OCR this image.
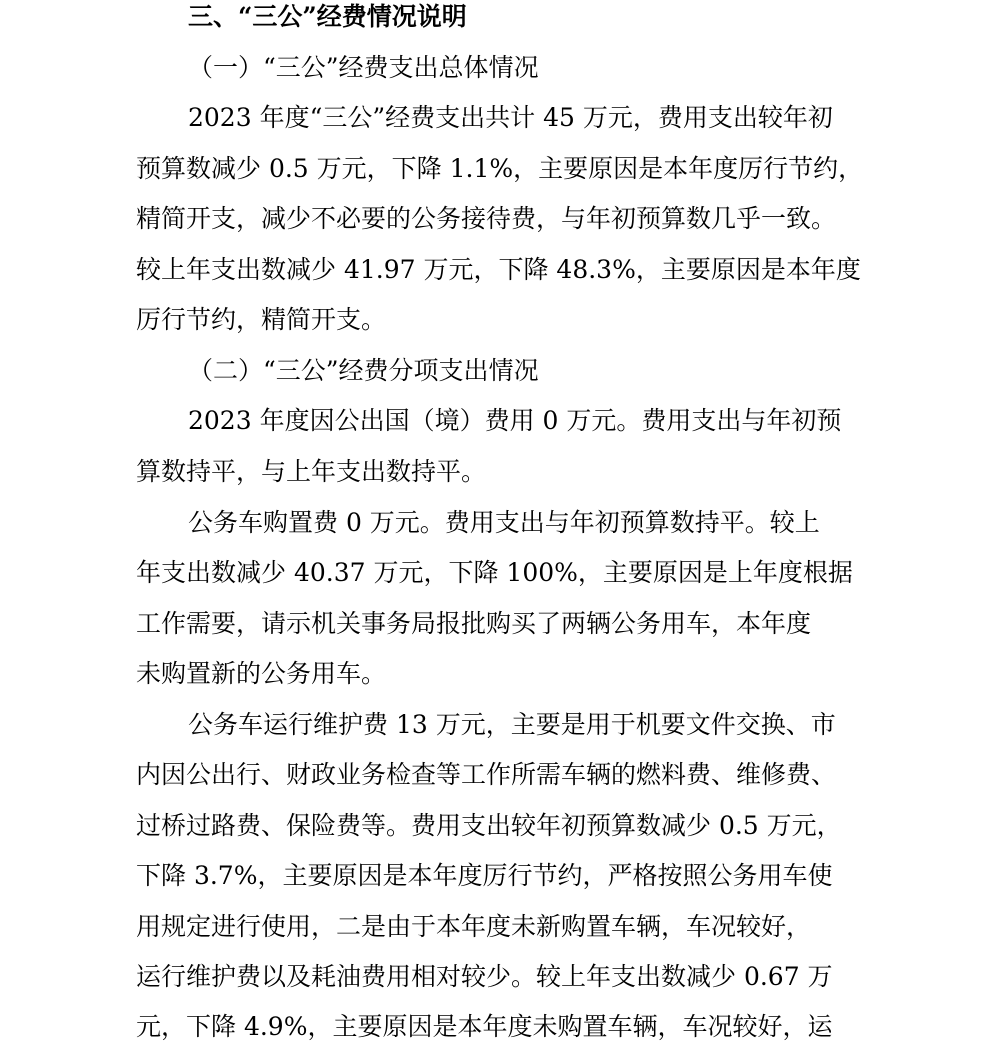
三、“三公”经费情况说明
（一）“三公”经费支出总体情况
2023 年度“三公”经费支出共计 45 万元，费用支出较年初
预算数减少 0.5 万元，下降 1.1%，主要原因是本年度厉行节约，
精简开支，减少不必要的公务接待费，与年初预算数几乎一致。
较上年支出数减少 41.97 万元，下降 48.3%，主要原因是本年度
厉行节约，精简开支。
（二）“三公”经费分项支出情况
2023 年度因公出国（境）费用 0 万元。费用支出与年初预
算数持平，与上年支出数持平。
公务车购置费 0 万元。费用支出与年初预算数持平。较上
年支出数减少 40.37 万元，下降 100%，主要原因是上年度根据
工作需要，请示机关事务局报批购买了两辆公务用车，本年度
未购置新的公务用车。
公务车运行维护费 13 万元，主要是用于机要文件交换、市
内因公出行、财政业务检查等工作所需车辆的燃料费、维修费、
过桥过路费、保险费等。费用支出较年初预算数减少 0.5 万元，
下降 3.7%，主要原因是本年度厉行节约，严格按照公务用车使
用规定进行使用，二是由于本年度未新购置车辆，车况较好，
运行维护费以及耗油费用相对较少。较上年支出数减少 0.67 万
元，下降 4.9%，主要原因是本年度未购置车辆，车况较好，运
